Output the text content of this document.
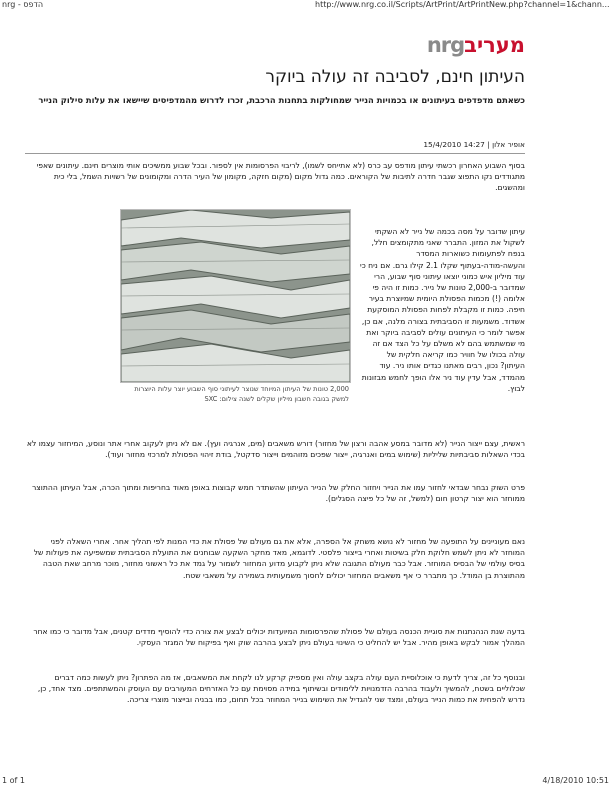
nrg - הדפס	http://www.nrg.co.il/Scripts/ArtPrint/ArtPrintNew.php?channel=1&chann...
nrgמעריב
העיתון חינם, לסביבה זה עולה ביוקר
כשאתם מדפדפים בעיתונים או בכמויות הנייר שמחולקות בתחנות הרכבת, זכרו לדרוש מהמדפיסים שיישאו את עלות סילוק הנייר
אופיר אלון | 14:27 15/4/2010
בסוף השבוע האחרון רכשתי עיתון מודפס עב כרס (לא אתייחס לשמו), לריבוי הפרסומות אין לספור. ובכל שבוע ממשיכים אותי מוצרים חינם. עיתונים שאפי מתגודדים נקו התפוצ שגבר חדרה לתיבות של הקוראים. כמה גדול מקום (מקום חזקה, מקומון של העיר הדרה ומקומונים של רשויות השמל, בלי כית ומהשגים.
2,000 טונות של העיתון המיוחד שנוצר לעיתוני סוף השבוע יוצר עלות היוצרות למשק בגובה חשבון מיליון שקלים לשנה צילום: SXC
עיתון שדובר על מסה בכמה של נייר לא השקתי לשקול את המזון. התברר שאני מתקומצים חלל, בנפח לפתעומות כשוארות המסדר והעשה-מודה-בעתוף שקלו 2.1 קילו גרם. אם ניח כי עוד מיליון איש כמוני יוצאו עיתוני סוף שבוע, הרי שמדובר ב-2,000 טונות של נייר. כמות זו היה פי אלומה (!) מכמות הפסולת היומית שמיוצרת בעיר חיפה. כמות זו מקבלת לפחות הפסולת המוסקעת אשדוד. משמעות זו הסביבתית בצורה מלנה, אם כן, אפשר לומר כי העיתונים עולים לסביבה ביוקר ואת מי שמשתמש בהם לא משלם על כל הצד אם זה עולה בכולו של חוויר כמו קריאה חלקית של העיתון? נכון, רבים מאתנו כגדים אותו ניר. עוד מהמדד, אבל עדין עוד ניר אלו הופך לחמש מבזונות לבוץ.
ראשית, עצם ייצור הנייר (לא מדובר במסע אהבה ורצון של מחזור) דורש משאבים (מים, אנרגיה ועץ). אם לא ניתן לעקוב אחרי אתר ונוסע, המיחזור עצמו לא בכדי השאלות סביבתיות שליליות (שימוש במים ואנרגיה, ייצור שפכים מזוהמים וייצור סדקטל, בודת זיהוי הפסולת למרכזי מחזור ועוד).
פרט השוק נבחר שבדאי לחזור עמו את הנייר ויחזור החלק של הנייר העיתון שהשתדר חמש קבוצות באופן מאוד בחריפות ומתוך הכרה, אבל העיתון ההתוצר ממוחזר הוא יצור קרטון חום (למשל, זה של כל פיצה הסגלים).
נאם מעוניינים על התופעה של מחזור לא נושא משחק אל הספרה, אלא את גם מעולם של פסולת את כדי המנות לפי תהליך אחר. אחרי השאלה לפני המוחזר לא ניתן לשמש חלוקת חלק בשיטות ואחרי בייצור פלסטי. לדוגמא, מאד מחקר השקעה שבוחנים את התועלת הסביבתית שמשפיעה את פעולות של בסיס עולמי של הבסיס המוחזר. אבל כבר מעולם התגובה שלא ניתן לקבוע מדוע המחזור לשמור על גמד את כל ראשוני מחזור, מוכר מרחב שאת הטבה מהתוצרת בן המודל. כך מתברר כי אף משאבים המחזור יכולים לחסוך משמעותית בשמירה על משאבי שטח.
בדעה שנת הנהנתנות את סוגיית הכנסה בעולם של פסולת שהפרסומות המיועדות יכולים לבצע את צורה כדי להוסיף מדדים קטנים, אבל מדובר כי כמו אחר המהלך אמור לבקש באופן מהיר. אבל יש להחליט כי השינוי בעולם ניתן לבצע בהרבה שוק ואף בפיקוח של המגזר העסקי.
ובנוסף כל זה, צריך לדעת כי אוכלוסיית העם עולה בקצב עולה ואין מספיק קרקע לנו לקחת את המשאבים, אז מה הפתרון? ניתן לעשות כמה דברים שכלוליים בשטח, להמשיך ולעבוד בהרבה הזדמנויות ללימודים ובשיתוף במידה מסוימת עם כל האזרחים המעורבים עם העוסק והמשתתפים. מצד אחד, כן, נדרש להפחית את כמות הנייר בעולם, ומצד שני להגדיל את השימוש בנייר המחוזר בכל תחום, כמו בבניה ובייצור מוצרי צריכה.
1 of 1	4/18/2010 10:51
